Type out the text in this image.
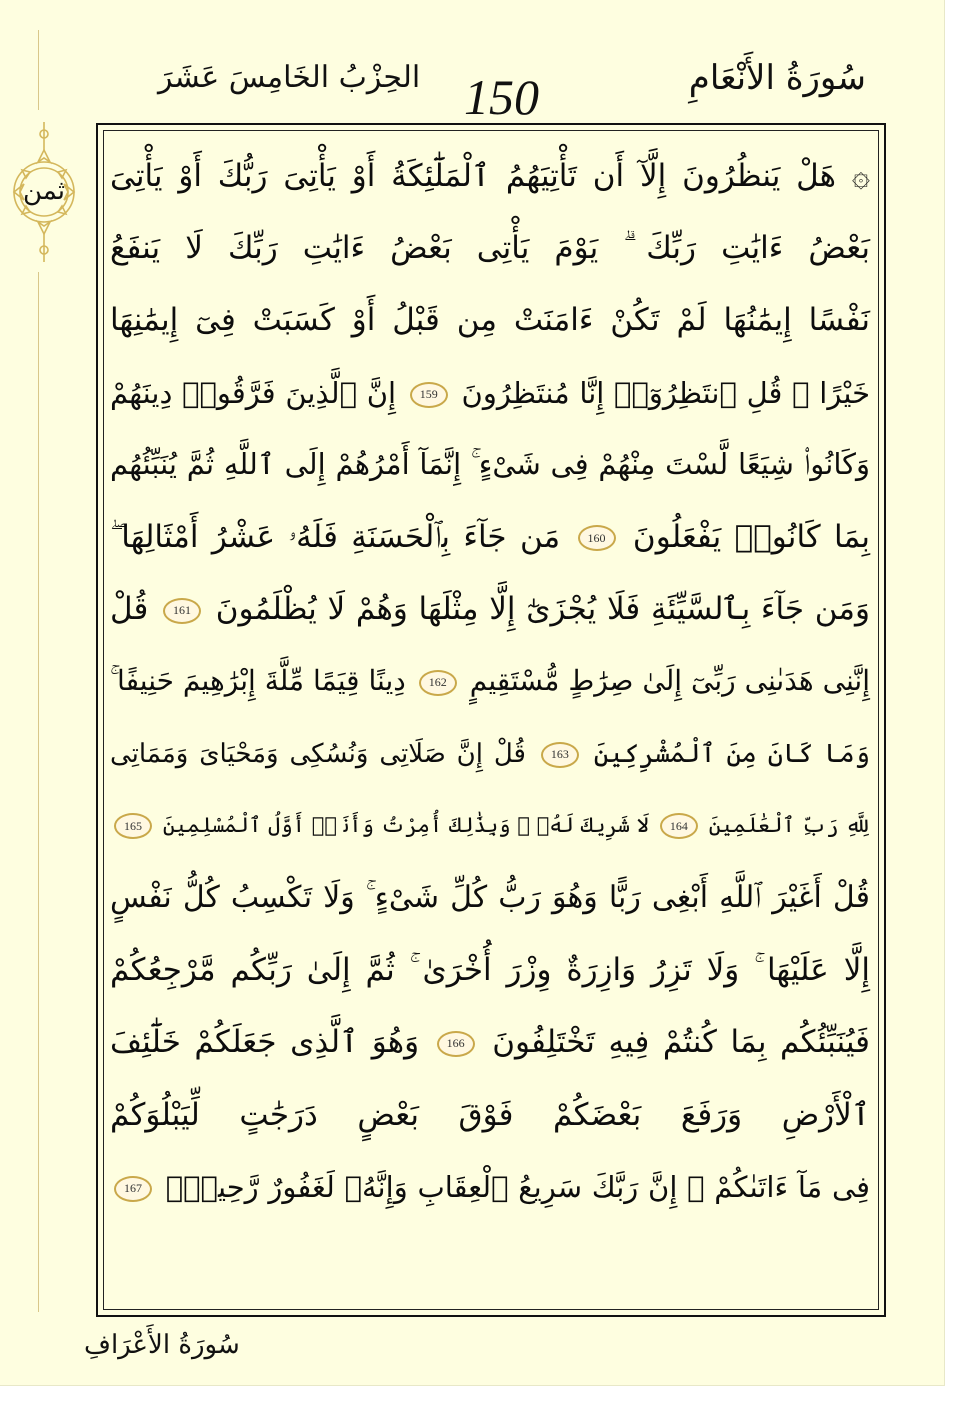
ثمن
سُورَةُ الأَنْعَامِ
150
الحِزْبُ الخَامِسَ عَشَرَ
۞ هَلْ يَنظُرُونَ إِلَّآ أَن تَأْتِيَهُمُ ٱلْمَلَٰٓئِكَةُ أَوْ يَأْتِىَ رَبُّكَ أَوْ يَأْتِىَ
بَعْضُ ءَايَٰتِ رَبِّكَ ۗ يَوْمَ يَأْتِى بَعْضُ ءَايَٰتِ رَبِّكَ لَا يَنفَعُ
نَفْسًا إِيمَٰنُهَا لَمْ تَكُنْ ءَامَنَتْ مِن قَبْلُ أَوْ كَسَبَتْ فِىٓ إِيمَٰنِهَا
خَيْرًا ۗ قُلِ ٱنتَظِرُوٓا۟ إِنَّا مُنتَظِرُونَ 159 إِنَّ ٱلَّذِينَ فَرَّقُوا۟ دِينَهُمْ
وَكَانُوا۟ شِيَعًا لَّسْتَ مِنْهُمْ فِى شَىْءٍ ۚ إِنَّمَآ أَمْرُهُمْ إِلَى ٱللَّهِ ثُمَّ يُنَبِّئُهُم
بِمَا كَانُوا۟ يَفْعَلُونَ 160 مَن جَآءَ بِٱلْحَسَنَةِ فَلَهُۥ عَشْرُ أَمْثَالِهَا ۖ
وَمَن جَآءَ بِٱلسَّيِّئَةِ فَلَا يُجْزَىٰٓ إِلَّا مِثْلَهَا وَهُمْ لَا يُظْلَمُونَ 161 قُلْ
إِنَّنِى هَدَىٰنِى رَبِّىٓ إِلَىٰ صِرَٰطٍ مُّسْتَقِيمٍ 162 دِينًا قِيَمًا مِّلَّةَ إِبْرَٰهِيمَ حَنِيفًا ۚ
وَمَا كَانَ مِنَ ٱلْمُشْرِكِينَ 163 قُلْ إِنَّ صَلَاتِى وَنُسُكِى وَمَحْيَاىَ وَمَمَاتِى
لِلَّهِ رَبِّ ٱلْعَٰلَمِينَ 164 لَا شَرِيكَ لَهُۥ ۖ وَبِذَٰلِكَ أُمِرْتُ وَأَنَا۠ أَوَّلُ ٱلْمُسْلِمِينَ 165
قُلْ أَغَيْرَ ٱللَّهِ أَبْغِى رَبًّا وَهُوَ رَبُّ كُلِّ شَىْءٍ ۚ وَلَا تَكْسِبُ كُلُّ نَفْسٍ
إِلَّا عَلَيْهَا ۚ وَلَا تَزِرُ وَازِرَةٌ وِزْرَ أُخْرَىٰ ۚ ثُمَّ إِلَىٰ رَبِّكُم مَّرْجِعُكُمْ
فَيُنَبِّئُكُم بِمَا كُنتُمْ فِيهِ تَخْتَلِفُونَ 166 وَهُوَ ٱلَّذِى جَعَلَكُمْ خَلَٰٓئِفَ
ٱلْأَرْضِ وَرَفَعَ بَعْضَكُمْ فَوْقَ بَعْضٍ دَرَجَٰتٍ لِّيَبْلُوَكُمْ
فِى مَآ ءَاتَىٰكُمْ ۗ إِنَّ رَبَّكَ سَرِيعُ ٱلْعِقَابِ وَإِنَّهُۥ لَغَفُورٌ رَّحِيمٌۢ 167
سُورَةُ الأَعْرَافِ
